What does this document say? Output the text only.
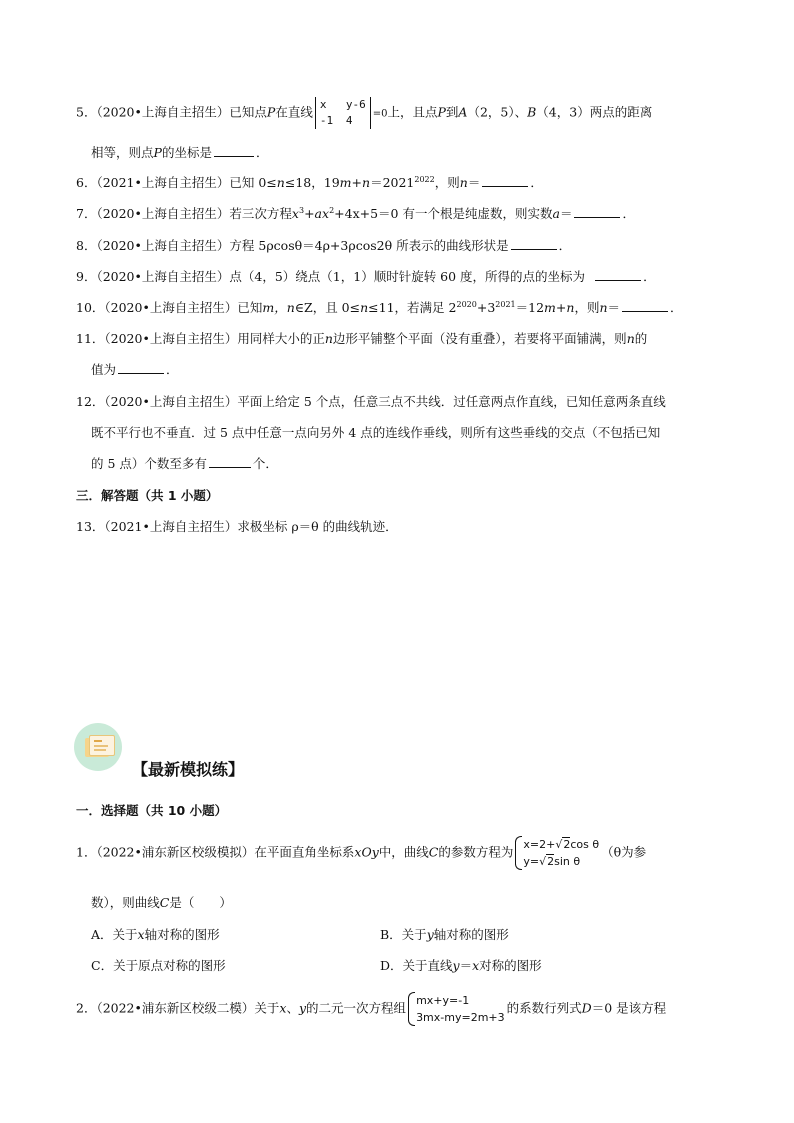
5．（2020•上海自主招生）已知点P在直线 x y-6
-1 4	=0上，且点P到A（2，5）、B（4，3）两点的距离
相等，则点P的坐标是	．
6．（2021•上海自主招生）已知 0≤n≤18，$19m+n=2021^{2022}$，则n＝	．
7．（2020•上海自主招生）若三次方程$x^3+ax^2+4x+5=0$ 有一个根是纯虚数，则实数a＝	．
8．（2020•上海自主招生）方程 5ρcosθ＝4ρ+3ρcos2θ 所表示的曲线形状是	．
9．（2020•上海自主招生）点（4，5）绕点（1，1）顺时针旋转 60 度，所得的点的坐标为	．
10．（2020•上海自主招生）已知m，n∈Z，且 0≤n≤11，若满足 $2^{2020}+3^{2021}=12m+n$，则n＝	．
11．（2020•上海自主招生）用同样大小的正n边形平铺整个平面（没有重叠），若要将平面铺满，则n的
值为	．
12．（2020•上海自主招生）平面上给定 5 个点，任意三点不共线．过任意两点作直线，已知任意两条直线
既不平行也不垂直．过 5 点中任意一点向另外 4 点的连线作垂线，则所有这些垂线的交点（不包括已知
的 5 点）个数至多有	个．
三．解答题（共 1 小题）
13．（2021•上海自主招生）求极坐标 ρ＝θ 的曲线轨迹．
【最新模拟练】
一．选择题（共 10 小题）
1．（2022•浦东新区校级模拟）在平面直角坐标系xOy中，曲线C的参数方程为 x=2+√2cos θ
y=√2sin θ
（θ为参
数），则曲线C是（　　）
A．关于x轴对称的图形	B．关于y轴对称的图形
C．关于原点对称的图形	D．关于直线y＝x对称的图形
2．（2022•浦东新区校级二模）关于x、y的二元一次方程组 mx+y=-1
3mx-my=2m+3
的系数行列式D＝0 是该方程
